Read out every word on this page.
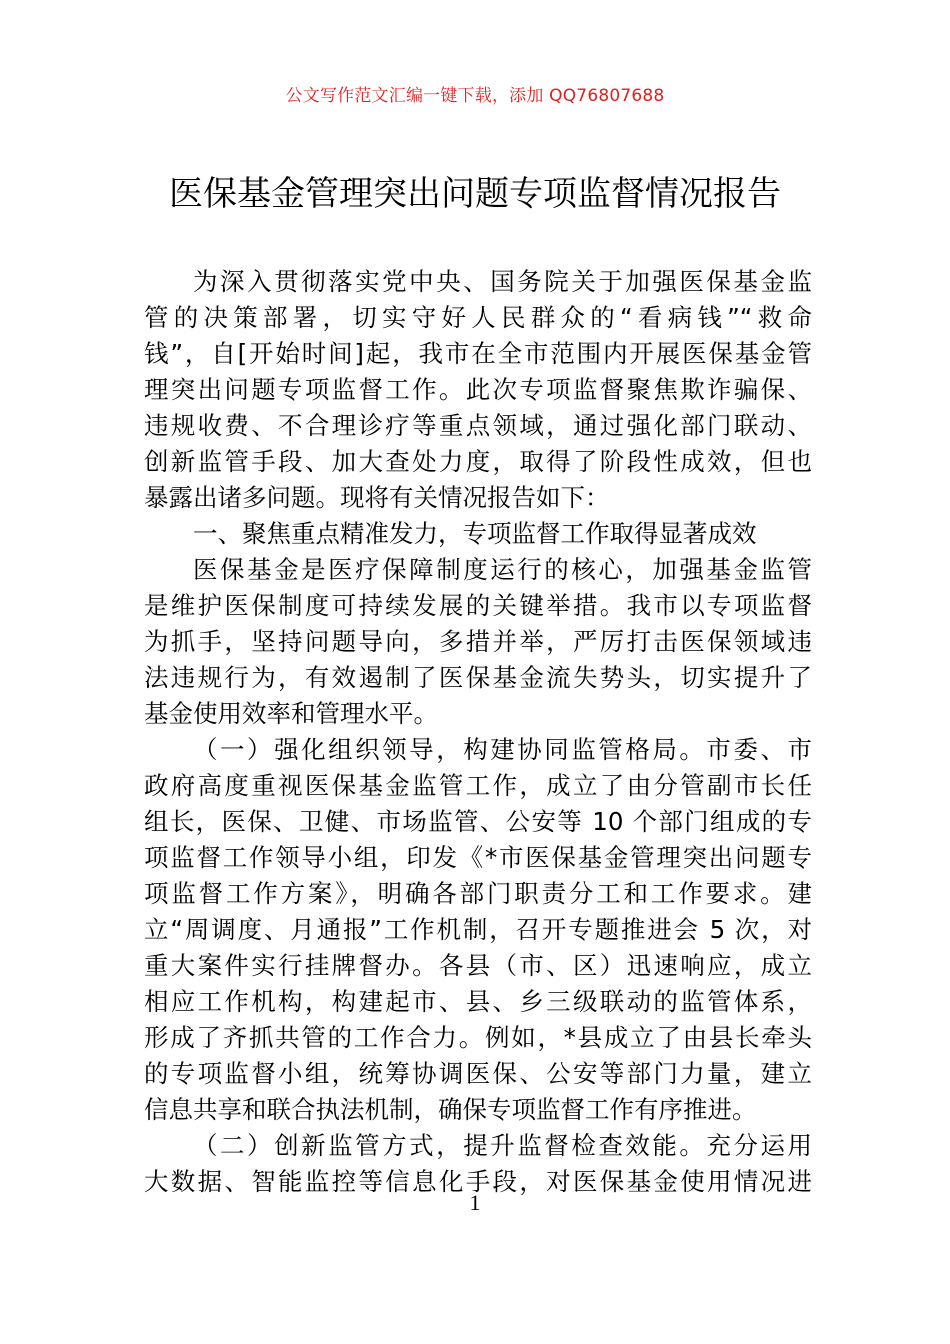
公文写作范文汇编一键下载，添加 QQ76807688
医保基金管理突出问题专项监督情况报告
为深入贯彻落实党中央、国务院关于加强医保基金监
管的决策部署，切实守好人民群众的“看病钱”“救命
钱”，自[开始时间]起，我市在全市范围内开展医保基金管
理突出问题专项监督工作。此次专项监督聚焦欺诈骗保、
违规收费、不合理诊疗等重点领域，通过强化部门联动、
创新监管手段、加大查处力度，取得了阶段性成效，但也
暴露出诸多问题。现将有关情况报告如下：
一、聚焦重点精准发力，专项监督工作取得显著成效
医保基金是医疗保障制度运行的核心，加强基金监管
是维护医保制度可持续发展的关键举措。我市以专项监督
为抓手，坚持问题导向，多措并举，严厉打击医保领域违
法违规行为，有效遏制了医保基金流失势头，切实提升了
基金使用效率和管理水平。
（一）强化组织领导，构建协同监管格局。市委、市
政府高度重视医保基金监管工作，成立了由分管副市长任
组长，医保、卫健、市场监管、公安等 10 个部门组成的专
项监督工作领导小组，印发《*市医保基金管理突出问题专
项监督工作方案》，明确各部门职责分工和工作要求。建
立“周调度、月通报”工作机制，召开专题推进会 5 次，对
重大案件实行挂牌督办。各县（市、区）迅速响应，成立
相应工作机构，构建起市、县、乡三级联动的监管体系，
形成了齐抓共管的工作合力。例如，*县成立了由县长牵头
的专项监督小组，统筹协调医保、公安等部门力量，建立
信息共享和联合执法机制，确保专项监督工作有序推进。
（二）创新监管方式，提升监督检查效能。充分运用
大数据、智能监控等信息化手段，对医保基金使用情况进
1
